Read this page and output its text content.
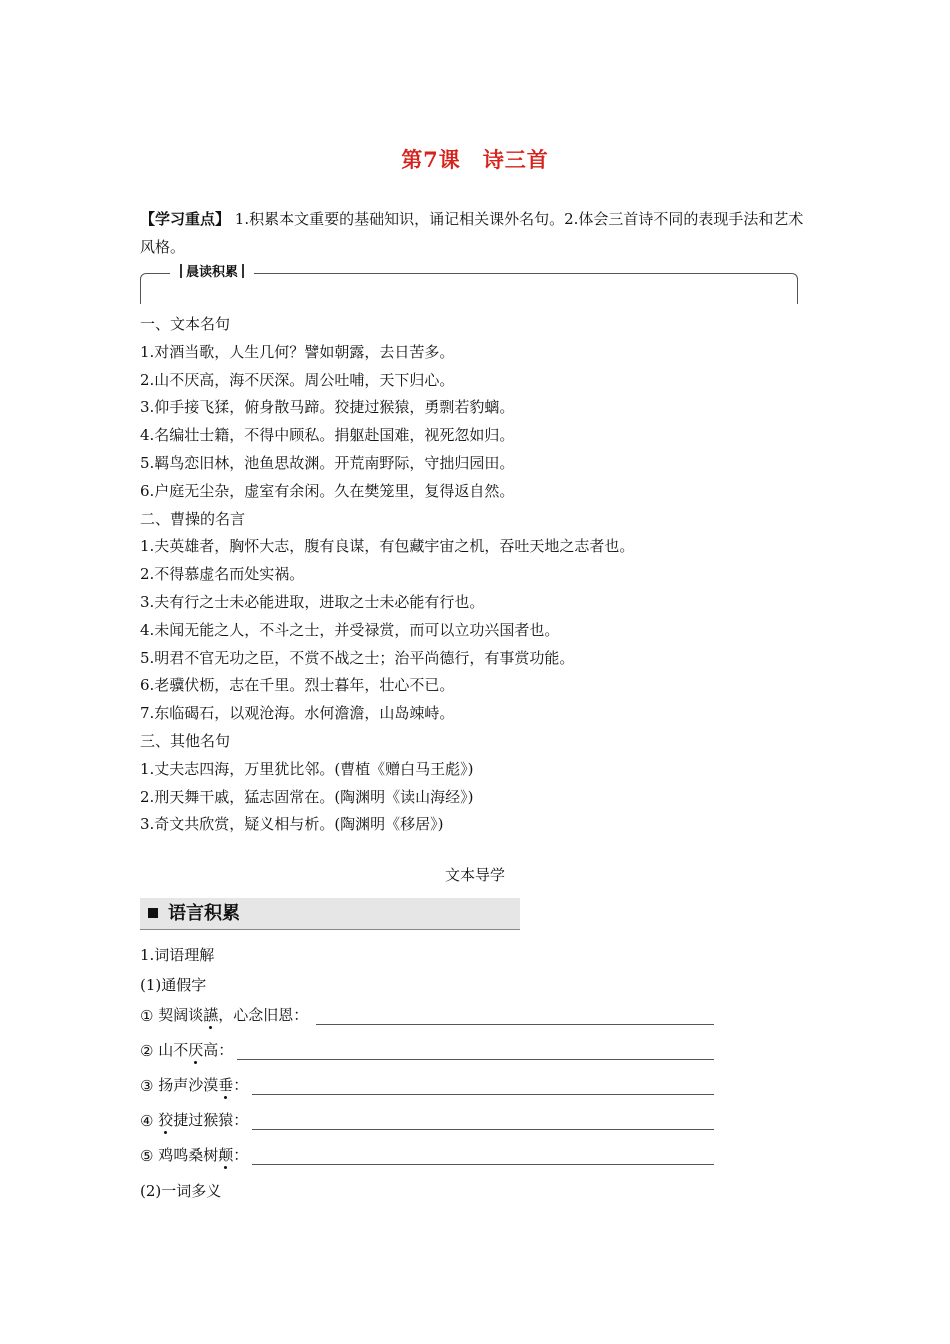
第7课 诗三首
【学习重点】 1.积累本文重要的基础知识，诵记相关课外名句。2.体会三首诗不同的表现手法和艺术风格。
晨读积累
一、文本名句
1.对酒当歌，人生几何？譬如朝露，去日苦多。
2.山不厌高，海不厌深。周公吐哺，天下归心。
3.仰手接飞猱，俯身散马蹄。狡捷过猴猿，勇剽若豹螭。
4.名编壮士籍，不得中顾私。捐躯赴国难，视死忽如归。
5.羁鸟恋旧林，池鱼思故渊。开荒南野际，守拙归园田。
6.户庭无尘杂，虚室有余闲。久在樊笼里，复得返自然。
二、曹操的名言
1.夫英雄者，胸怀大志，腹有良谋，有包藏宇宙之机，吞吐天地之志者也。
2.不得慕虚名而处实祸。
3.夫有行之士未必能进取，进取之士未必能有行也。
4.未闻无能之人，不斗之士，并受禄赏，而可以立功兴国者也。
5.明君不官无功之臣，不赏不战之士；治平尚德行，有事赏功能。
6.老骥伏枥，志在千里。烈士暮年，壮心不已。
7.东临碣石，以观沧海。水何澹澹，山岛竦峙。
三、其他名句
1.丈夫志四海，万里犹比邻。(曹植《赠白马王彪》)
2.刑天舞干戚，猛志固常在。(陶渊明《读山海经》)
3.奇文共欣赏，疑义相与析。(陶渊明《移居》)
文本导学
语言积累
1.词语理解
(1)通假字
①
契阔谈 讌 ，心念旧恩：
②
山不 厌 高：
③
扬声沙漠 垂 ：
④
狡 捷过猴猿：
⑤
鸡鸣桑树 颠 ：
(2)一词多义
